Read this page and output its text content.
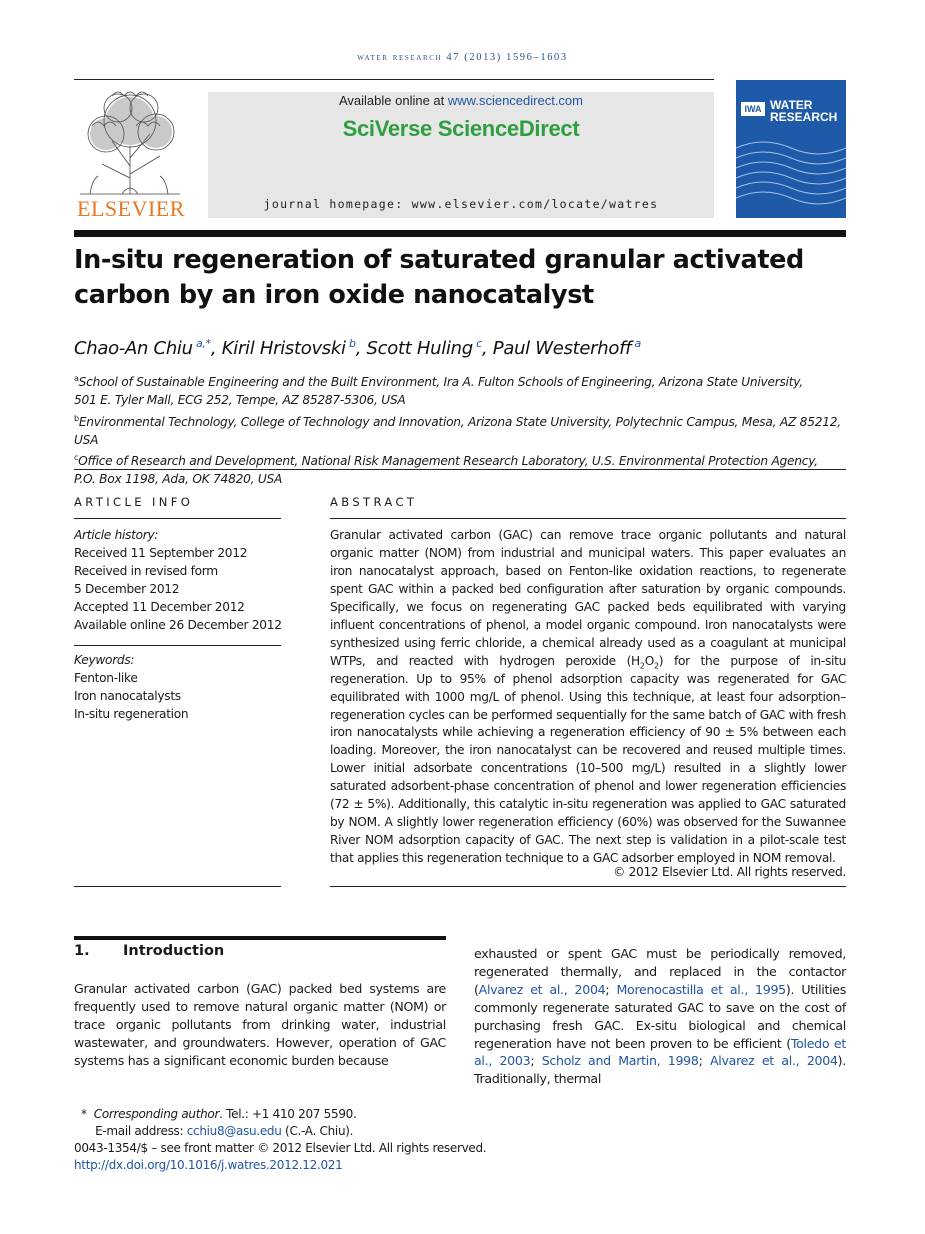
water research 47 (2013) 1596–1603
ELSEVIER
Available online at www.sciencedirect.com
SciVerse ScienceDirect
journal homepage: www.elsevier.com/locate/watres
IWA WATER
RESEARCH
In-situ regeneration of saturated granular activated
carbon by an iron oxide nanocatalyst
Chao-An Chiu  $^{a,*}$, Kiril Hristovski  $^b$, Scott Huling  $^c$, Paul Westerhoff  $^a$
$^a$School of Sustainable Engineering and the Built Environment, Ira A. Fulton Schools of Engineering, Arizona State University,
501 E. Tyler Mall, ECG 252, Tempe, AZ 85287-5306, USA
$^b$Environmental Technology, College of Technology and Innovation, Arizona State University, Polytechnic Campus, Mesa, AZ 85212, USA
$^c$Office of Research and Development, National Risk Management Research Laboratory, U.S. Environmental Protection Agency,
P.O. Box 1198, Ada, OK 74820, USA
ARTICLE INFO	ABSTRACT
Article history:
Received 11 September 2012
Received in revised form
5 December 2012
Accepted 11 December 2012
Available online 26 December 2012
Keywords:
Fenton-like
Iron nanocatalysts
In-situ regeneration
Granular activated carbon (GAC) can remove trace organic pollutants and natural organic matter (NOM) from industrial and municipal waters. This paper evaluates an iron nanocatalyst approach, based on Fenton-like oxidation reactions, to regenerate spent GAC within a packed bed configuration after saturation by organic compounds. Specifically, we focus on regenerating GAC packed beds equilibrated with varying influent concentrations of phenol, a model organic compound. Iron nanocatalysts were synthesized using ferric chloride, a chemical already used as a coagulant at municipal WTPs, and reacted with hydrogen peroxide $(H_2O_2)$ for the purpose of in-situ regeneration. Up to 95% of phenol adsorption capacity was regenerated for GAC equilibrated with 1000 mg/L of phenol. Using this technique, at least four adsorption–regeneration cycles can be performed sequentially for the same batch of GAC with fresh iron nanocatalysts while achieving a regeneration efficiency of 90 ± 5% between each loading. Moreover, the iron nanocatalyst can be recovered and reused multiple times. Lower initial adsorbate concentrations (10–500 mg/L) resulted in a slightly lower saturated adsorbent-phase concentration of phenol and lower regeneration efficiencies (72 ± 5%). Additionally, this catalytic in-situ regeneration was applied to GAC saturated by NOM. A slightly lower regeneration efficiency (60%) was observed for the Suwannee River NOM adsorption capacity of GAC. The next step is validation in a pilot-scale test that applies this regeneration technique to a GAC adsorber employed in NOM removal.
© 2012 Elsevier Ltd. All rights reserved.
1. Introduction
Granular activated carbon (GAC) packed bed systems are frequently used to remove natural organic matter (NOM) or trace organic pollutants from drinking water, industrial wastewater, and groundwaters. However, operation of GAC systems has a significant economic burden because
exhausted or spent GAC must be periodically removed, regenerated thermally, and replaced in the contactor (Alvarez et al., 2004; Morenocastilla et al., 1995). Utilities commonly regenerate saturated GAC to save on the cost of purchasing fresh GAC. Ex-situ biological and chemical regeneration have not been proven to be efficient (Toledo et al., 2003; Scholz and Martin, 1998; Alvarez et al., 2004). Traditionally, thermal
*  Corresponding author. Tel.: +1 410 207 5590.
E-mail address: cchiu8@asu.edu (C.-A. Chiu).
0043-1354/$ – see front matter © 2012 Elsevier Ltd. All rights reserved.
http://dx.doi.org/10.1016/j.watres.2012.12.021
